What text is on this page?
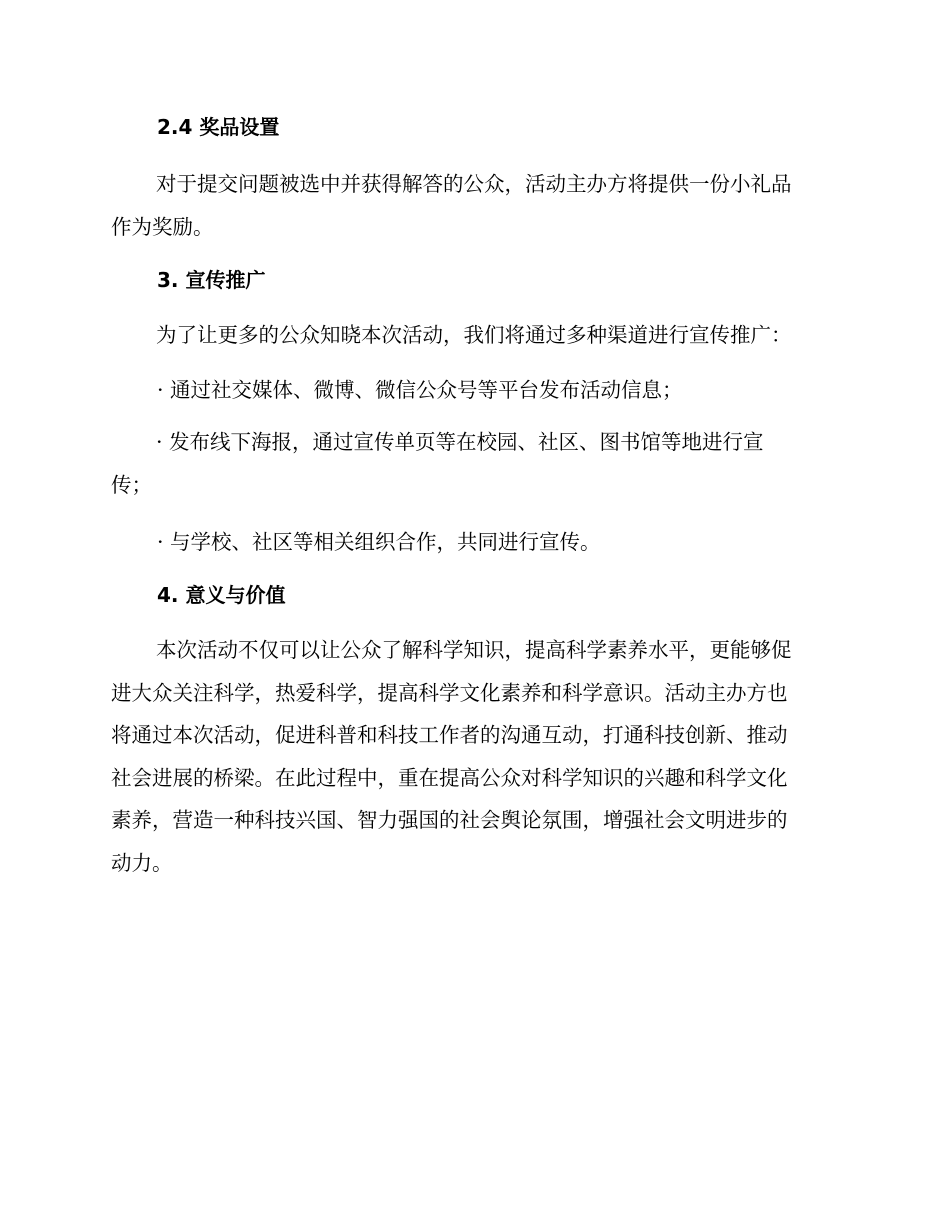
2.4 奖品设置
对于提交问题被选中并获得解答的公众，活动主办方将提供一份小礼品
作为奖励。
3. 宣传推广
为了让更多的公众知晓本次活动，我们将通过多种渠道进行宣传推广：
· 通过社交媒体、微博、微信公众号等平台发布活动信息；
· 发布线下海报，通过宣传单页等在校园、社区、图书馆等地进行宣
传；
· 与学校、社区等相关组织合作，共同进行宣传。
4. 意义与价值
本次活动不仅可以让公众了解科学知识，提高科学素养水平，更能够促
进大众关注科学，热爱科学，提高科学文化素养和科学意识。活动主办方也
将通过本次活动，促进科普和科技工作者的沟通互动，打通科技创新、推动
社会进展的桥梁。在此过程中，重在提高公众对科学知识的兴趣和科学文化
素养，营造一种科技兴国、智力强国的社会舆论氛围，增强社会文明进步的
动力。
